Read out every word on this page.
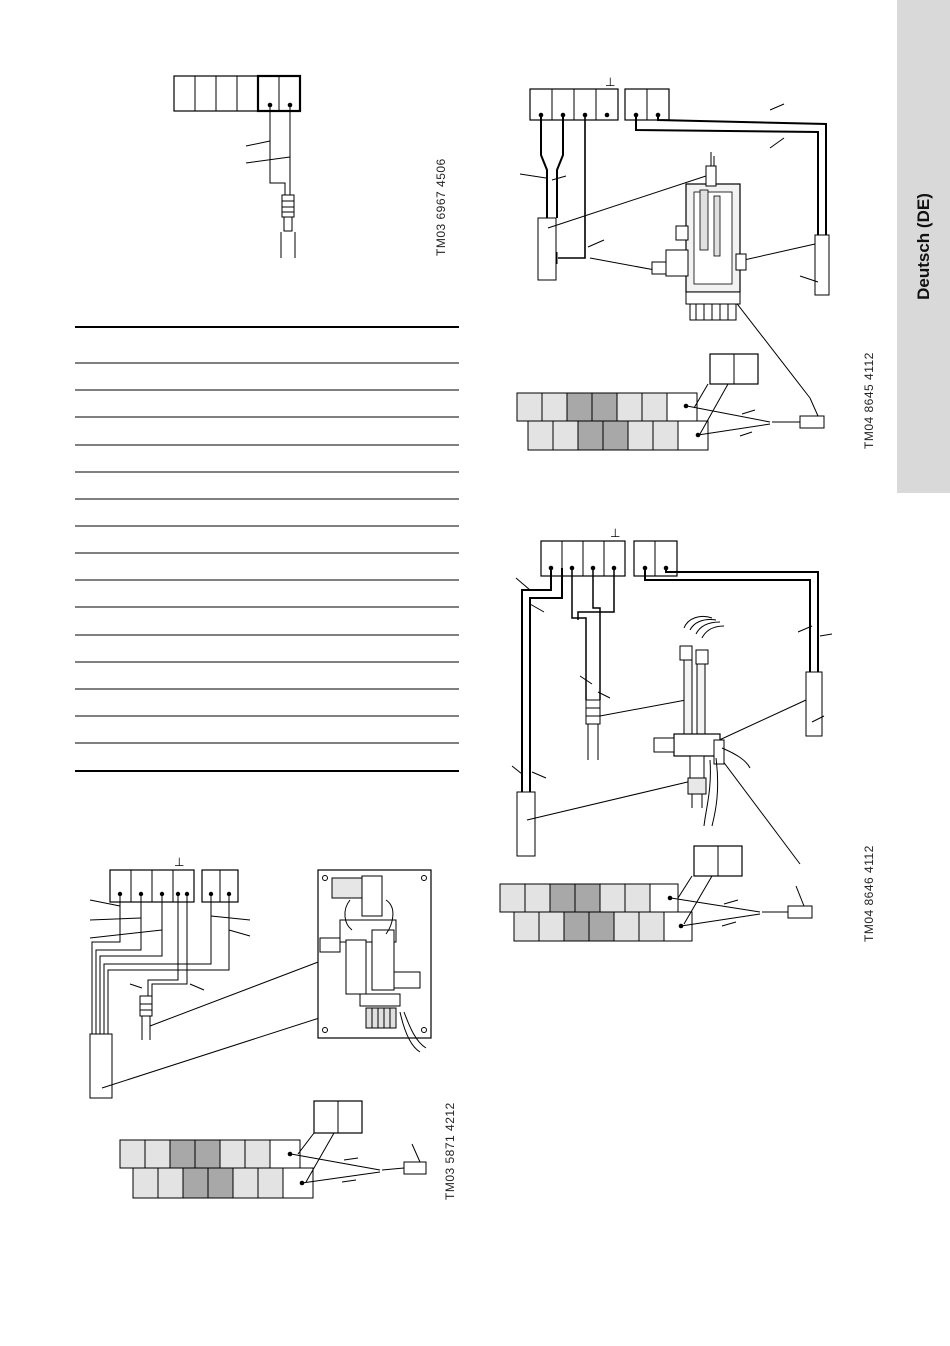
Deutsch (DE)
TM03 6967 4506
TM04 8645 4112
TM04 8646 4112
TM03 5871 4212
⊥
⊥
⊥
